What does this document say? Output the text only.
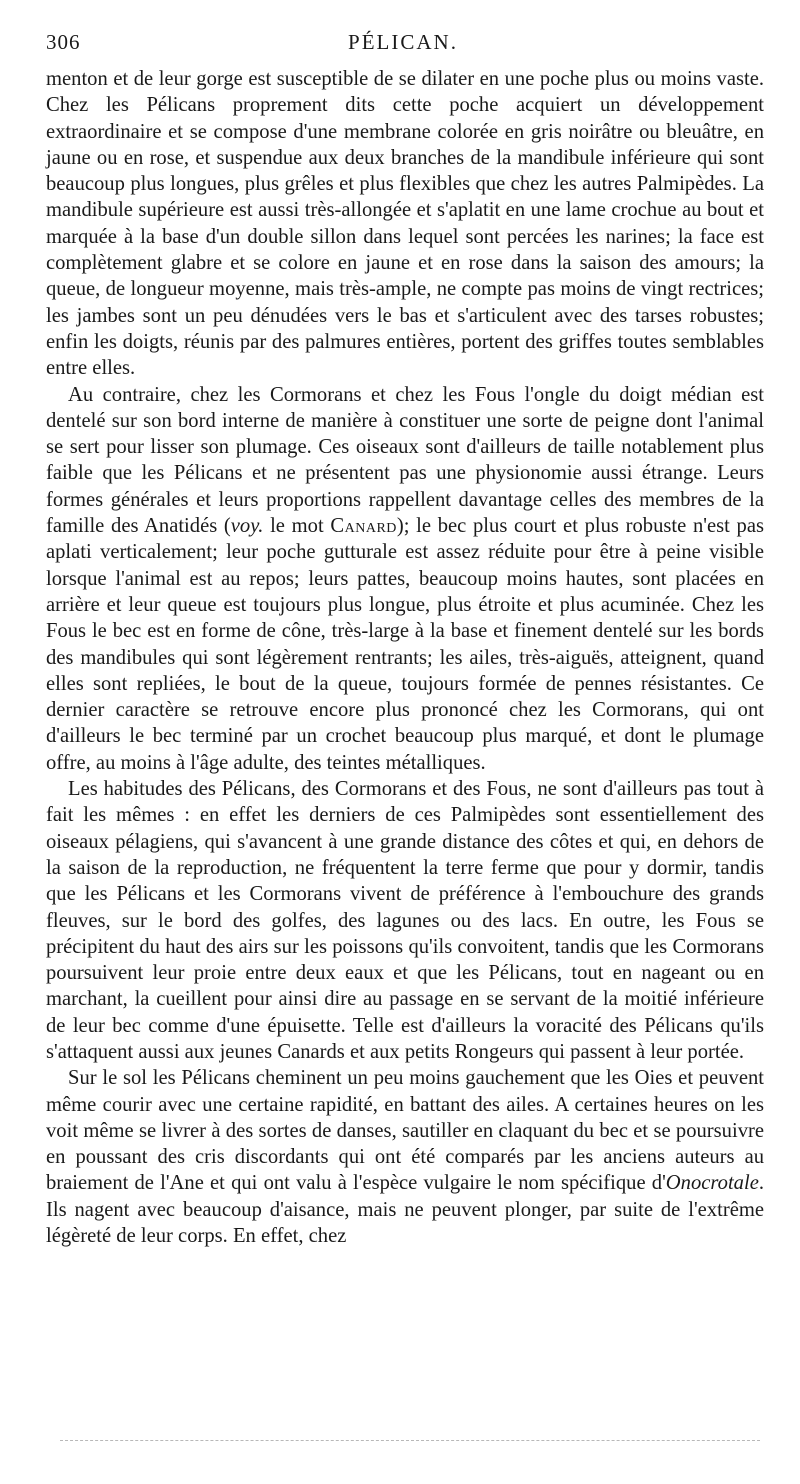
306	PÉLICAN.

menton et de leur gorge est susceptible de se dilater en une poche plus ou moins vaste. Chez les Pélicans proprement dits cette poche acquiert un développement extraordinaire et se compose d'une membrane colorée en gris noirâtre ou bleuâtre, en jaune ou en rose, et suspendue aux deux branches de la mandibule inférieure qui sont beaucoup plus longues, plus grêles et plus flexibles que chez les autres Palmipèdes. La mandibule supérieure est aussi très-allongée et s'aplatit en une lame crochue au bout et marquée à la base d'un double sillon dans lequel sont percées les narines; la face est complètement glabre et se colore en jaune et en rose dans la saison des amours; la queue, de longueur moyenne, mais très-ample, ne compte pas moins de vingt rectrices; les jambes sont un peu dénudées vers le bas et s'articulent avec des tarses robustes; enfin les doigts, réunis par des palmures entières, portent des griffes toutes semblables entre elles.

Au contraire, chez les Cormorans et chez les Fous l'ongle du doigt médian est dentelé sur son bord interne de manière à constituer une sorte de peigne dont l'animal se sert pour lisser son plumage. Ces oiseaux sont d'ailleurs de taille notablement plus faible que les Pélicans et ne présentent pas une physionomie aussi étrange. Leurs formes générales et leurs proportions rappellent davantage celles des membres de la famille des Anatidés (voy. le mot Canard); le bec plus court et plus robuste n'est pas aplati verticalement; leur poche gutturale est assez réduite pour être à peine visible lorsque l'animal est au repos; leurs pattes, beaucoup moins hautes, sont placées en arrière et leur queue est toujours plus longue, plus étroite et plus acuminée. Chez les Fous le bec est en forme de cône, très-large à la base et finement dentelé sur les bords des mandibules qui sont légèrement rentrants; les ailes, très-aiguës, atteignent, quand elles sont repliées, le bout de la queue, toujours formée de pennes résistantes. Ce dernier caractère se retrouve encore plus prononcé chez les Cormorans, qui ont d'ailleurs le bec terminé par un crochet beaucoup plus marqué, et dont le plumage offre, au moins à l'âge adulte, des teintes métalliques.

Les habitudes des Pélicans, des Cormorans et des Fous, ne sont d'ailleurs pas tout à fait les mêmes : en effet les derniers de ces Palmipèdes sont essentiellement des oiseaux pélagiens, qui s'avancent à une grande distance des côtes et qui, en dehors de la saison de la reproduction, ne fréquentent la terre ferme que pour y dormir, tandis que les Pélicans et les Cormorans vivent de préférence à l'embouchure des grands fleuves, sur le bord des golfes, des lagunes ou des lacs. En outre, les Fous se précipitent du haut des airs sur les poissons qu'ils convoitent, tandis que les Cormorans poursuivent leur proie entre deux eaux et que les Pélicans, tout en nageant ou en marchant, la cueillent pour ainsi dire au passage en se servant de la moitié inférieure de leur bec comme d'une épuisette. Telle est d'ailleurs la voracité des Pélicans qu'ils s'attaquent aussi aux jeunes Canards et aux petits Rongeurs qui passent à leur portée.

Sur le sol les Pélicans cheminent un peu moins gauchement que les Oies et peuvent même courir avec une certaine rapidité, en battant des ailes. A certaines heures on les voit même se livrer à des sortes de danses, sautiller en claquant du bec et se poursuivre en poussant des cris discordants qui ont été comparés par les anciens auteurs au braiement de l'Ane et qui ont valu à l'espèce vulgaire le nom spécifique d'Onocrotale. Ils nagent avec beaucoup d'aisance, mais ne peuvent plonger, par suite de l'extrême légèreté de leur corps. En effet, chez
